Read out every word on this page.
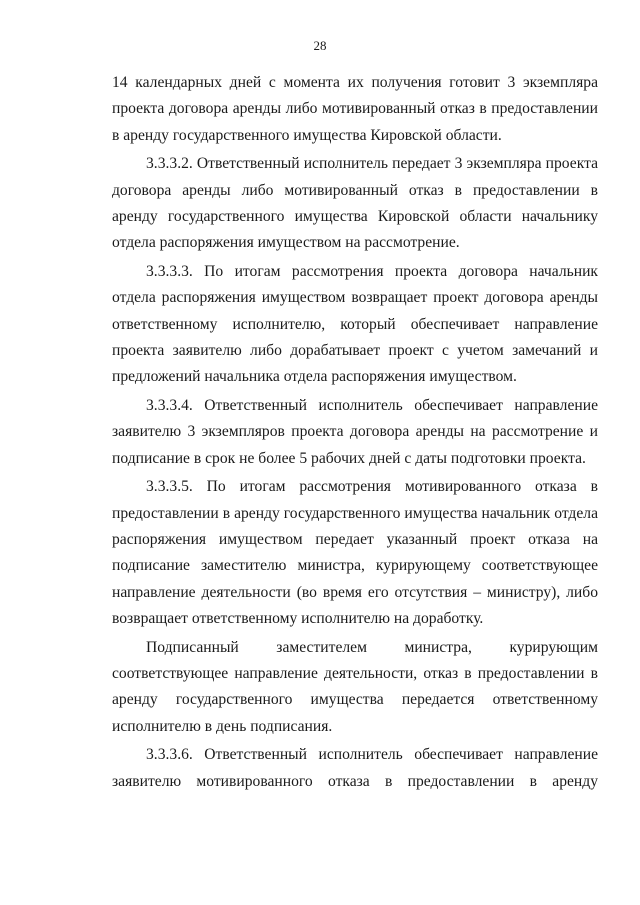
28

14 календарных дней с момента их получения готовит 3 экземпляра проекта договора аренды либо мотивированный отказ в предоставлении в аренду государственного имущества Кировской области.

3.3.3.2. Ответственный исполнитель передает 3 экземпляра проекта договора аренды либо мотивированный отказ в предоставлении в аренду государственного имущества Кировской области начальнику отдела распоряжения имуществом на рассмотрение.

3.3.3.3. По итогам рассмотрения проекта договора начальник отдела распоряжения имуществом возвращает проект договора аренды ответственному исполнителю, который обеспечивает направление проекта заявителю либо дорабатывает проект с учетом замечаний и предложений начальника отдела распоряжения имуществом.

3.3.3.4. Ответственный исполнитель обеспечивает направление заявителю 3 экземпляров проекта договора аренды на рассмотрение и подписание в срок не более 5 рабочих дней с даты подготовки проекта.

3.3.3.5. По итогам рассмотрения мотивированного отказа в предоставлении в аренду государственного имущества начальник отдела распоряжения имуществом передает указанный проект отказа на подписание заместителю министра, курирующему соответствующее направление деятельности (во время его отсутствия – министру), либо возвращает ответственному исполнителю на доработку.

Подписанный заместителем министра, курирующим соответствующее направление деятельности, отказ в предоставлении в аренду государственного имущества передается ответственному исполнителю в день подписания.

3.3.3.6. Ответственный исполнитель обеспечивает направление заявителю мотивированного отказа в предоставлении в аренду
